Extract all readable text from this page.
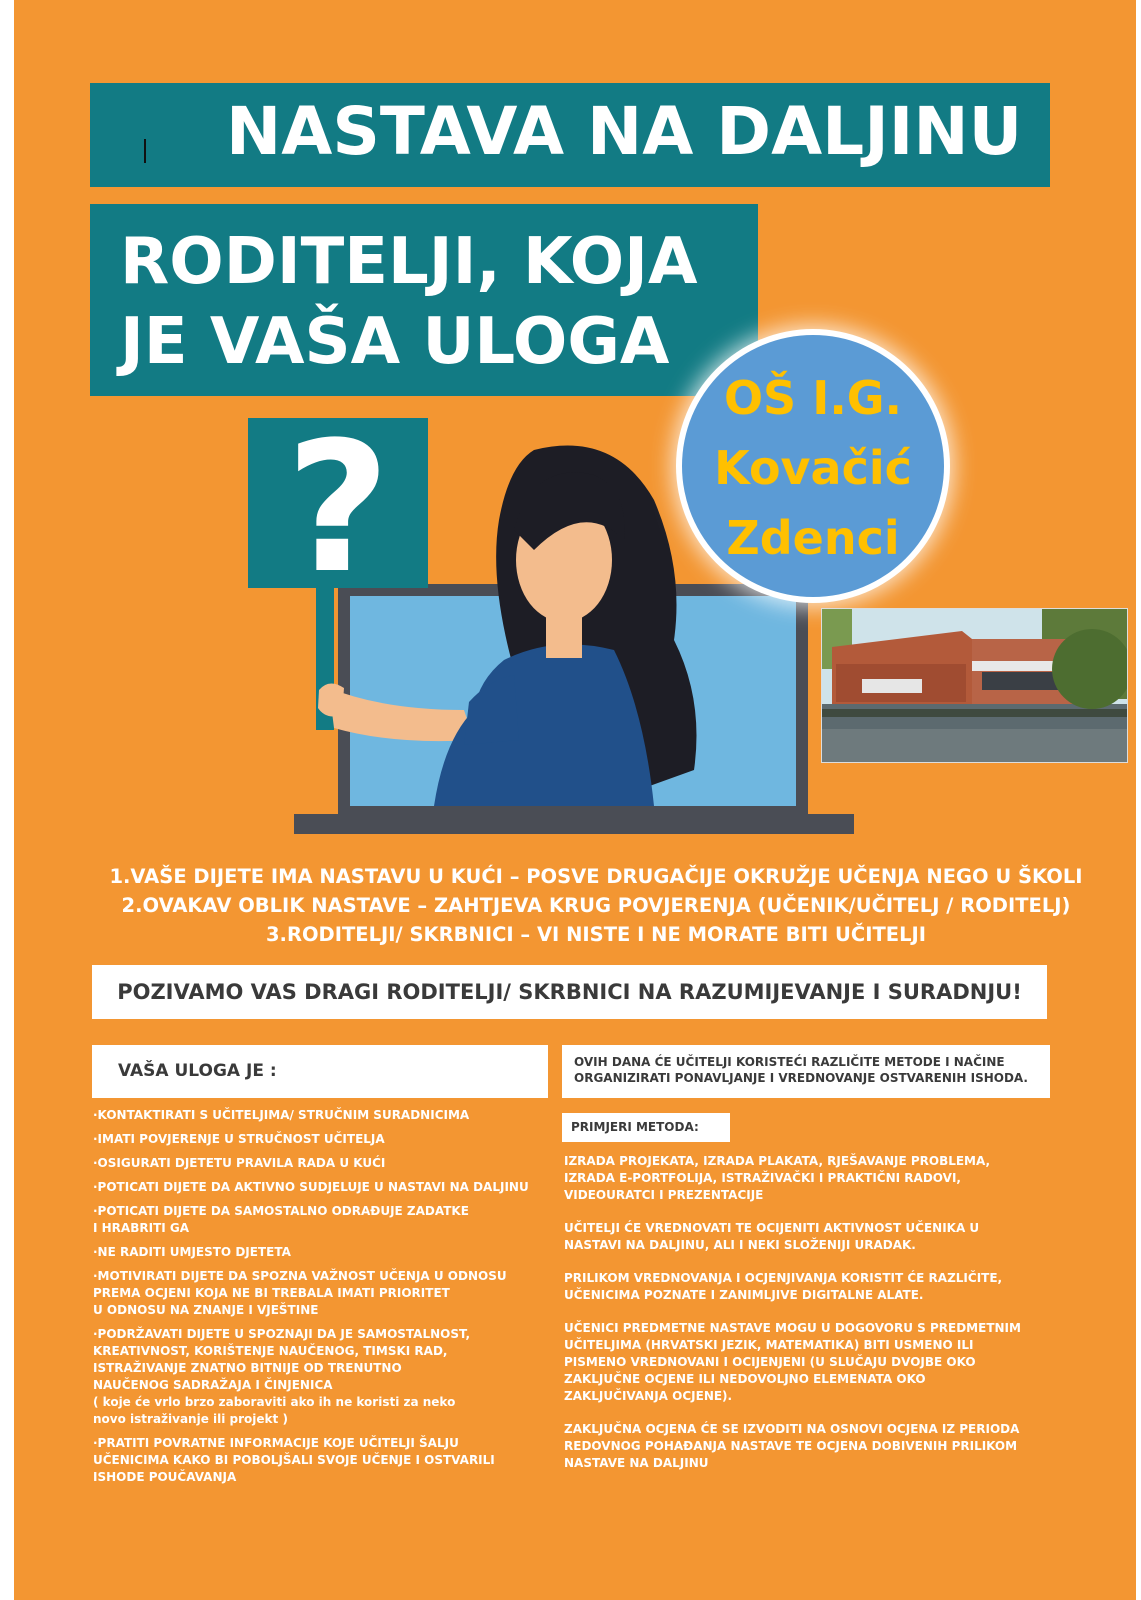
NASTAVA NA DALJINU
RODITELJI, KOJA
JE VAŠA ULOGA
?
OŠ I.G.
Kovačić
Zdenci
1.VAŠE DIJETE IMA NASTAVU U KUĆI – POSVE DRUGAČIJE OKRUŽJE UČENJA NEGO U ŠKOLI
2.OVAKAV OBLIK NASTAVE – ZAHTJEVA KRUG POVJERENJA (UČENIK/UČITELJ / RODITELJ)
3.RODITELJI/ SKRBNICI – VI NISTE I NE MORATE BITI UČITELJI
POZIVAMO VAS DRAGI RODITELJI/ SKRBNICI NA RAZUMIJEVANJE I SURADNJU!
VAŠA ULOGA JE :	OVIH DANA ĆE UČITELJI KORISTEĆI RAZLIČITE METODE I NAČINE ORGANIZIRATI PONAVLJANJE I VREDNOVANJE OSTVARENIH ISHODA.
PRIMJERI METODA:
·KONTAKTIRATI S UČITELJIMA/ STRUČNIM SURADNICIMA
·IMATI POVJERENJE U STRUČNOST UČITELJA
·OSIGURATI DJETETU PRAVILA RADA U KUĆI
·POTICATI DIJETE DA AKTIVNO SUDJELUJE U NASTAVI NA DALJINU
·POTICATI DIJETE DA SAMOSTALNO ODRAĐUJE ZADATKE
I HRABRITI GA
·NE RADITI UMJESTO DJETETA
·MOTIVIRATI DIJETE DA SPOZNA VAŽNOST UČENJA U ODNOSU
PREMA OCJENI KOJA NE BI TREBALA IMATI PRIORITET
U ODNOSU NA ZNANJE I VJEŠTINE
·PODRŽAVATI DIJETE U SPOZNAJI DA JE SAMOSTALNOST,
KREATIVNOST, KORIŠTENJE NAUČENOG, TIMSKI RAD,
ISTRAŽIVANJE ZNATNO BITNIJE OD TRENUTNO
NAUČENOG SADRAŽAJA I ČINJENICA
( koje će vrlo brzo zaboraviti ako ih ne koristi za neko
novo istraživanje ili projekt )
·PRATITI POVRATNE INFORMACIJE KOJE UČITELJI ŠALJU
UČENICIMA KAKO BI POBOLJŠALI SVOJE UČENJE I OSTVARILI
ISHODE POUČAVANJA
IZRADA PROJEKATA, IZRADA PLAKATA, RJEŠAVANJE PROBLEMA,
IZRADA E-PORTFOLIJA, ISTRAŽIVAČKI I PRAKTIČNI RADOVI,
VIDEOURATCI I PREZENTACIJE
UČITELJI ĆE VREDNOVATI TE OCIJENITI AKTIVNOST UČENIKA U
NASTAVI NA DALJINU, ALI I NEKI SLOŽENIJI URADAK.
PRILIKOM VREDNOVANJA I OCJENJIVANJA KORISTIT ĆE RAZLIČITE,
UČENICIMA POZNATE I ZANIMLJIVE DIGITALNE ALATE.
UČENICI PREDMETNE NASTAVE MOGU U DOGOVORU S PREDMETNIM
UČITELJIMA (HRVATSKI JEZIK, MATEMATIKA) BITI USMENO ILI
PISMENO VREDNOVANI I OCIJENJENI (U SLUČAJU DVOJBE OKO
ZAKLJUČNE OCJENE ILI NEDOVOLJNO ELEMENATA OKO
ZAKLJUČIVANJA OCJENE).
ZAKLJUČNA OCJENA ĆE SE IZVODITI NA OSNOVI OCJENA IZ PERIODA
REDOVNOG POHAĐANJA NASTAVE TE OCJENA DOBIVENIH PRILIKOM
NASTAVE NA DALJINU
